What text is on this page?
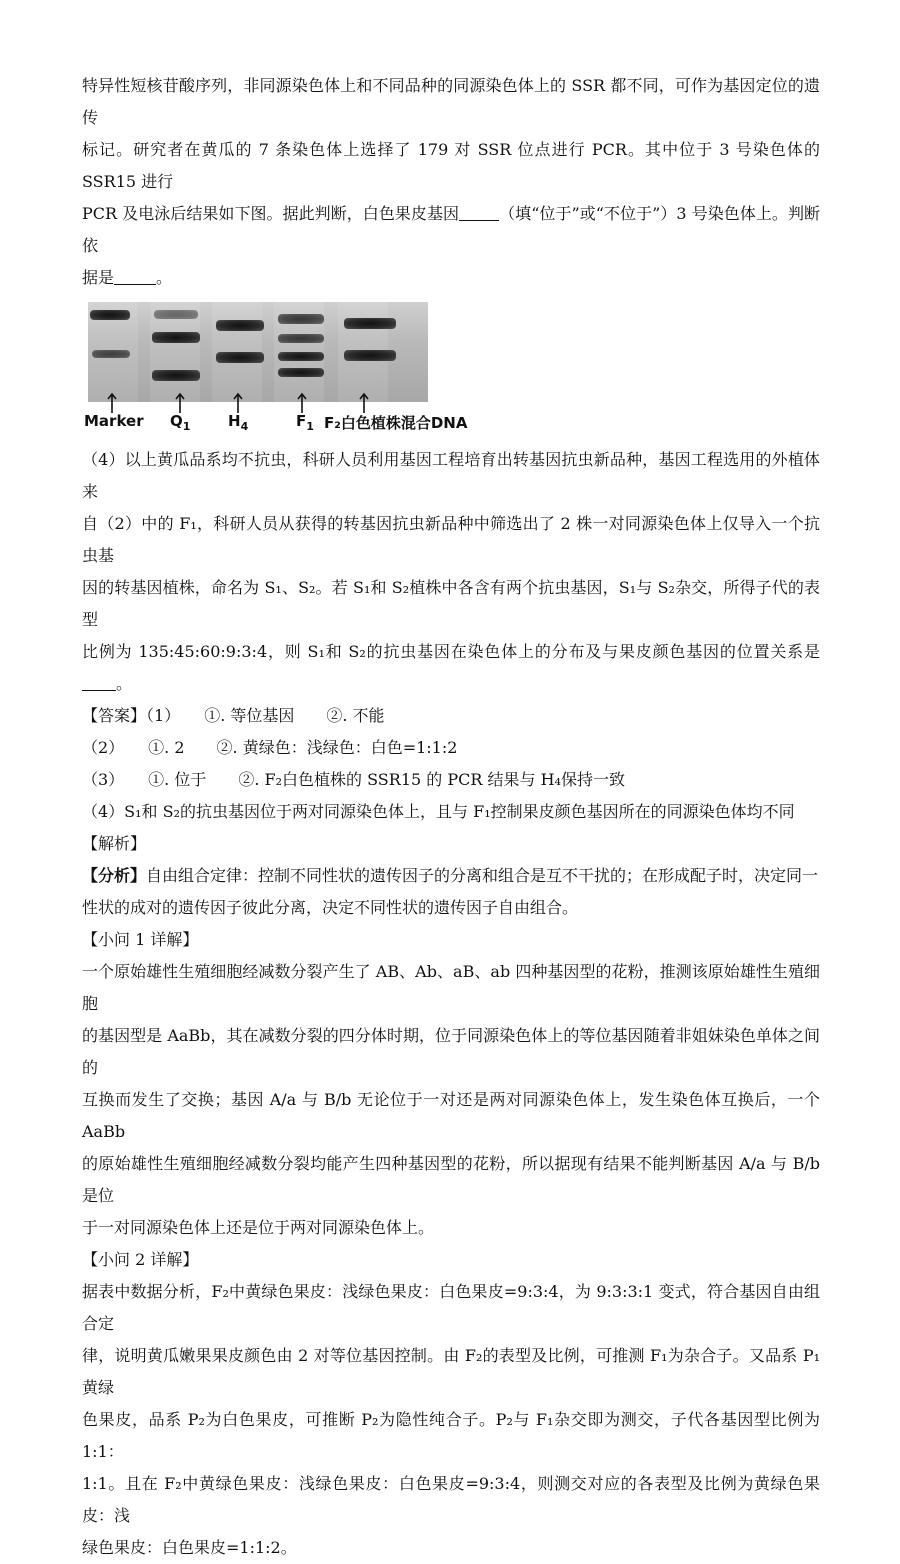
特异性短核苷酸序列，非同源染色体上和不同品种的同源染色体上的 SSR 都不同，可作为基因定位的遗传

标记。研究者在黄瓜的 7 条染色体上选择了 179 对 SSR 位点进行 PCR。其中位于 3 号染色体的 SSR15 进行

PCR 及电泳后结果如下图。据此判断，白色果皮基因	（填“位于”或“不位于”）3 号染色体上。判断依

据是	。

Marker $Q_1$	$H_4$	$F_1$ F₂白色植株混合DNA

（4）以上黄瓜品系均不抗虫，科研人员利用基因工程培育出转基因抗虫新品种，基因工程选用的外植体来

自（2）中的 F₁，科研人员从获得的转基因抗虫新品种中筛选出了 2 株一对同源染色体上仅导入一个抗虫基

因的转基因植株，命名为 S₁、S₂。若 S₁和 S₂植株中各含有两个抗虫基因，S₁与 S₂杂交，所得子代的表型

比例为 135:45:60:9:3:4，则 S₁和 S₂的抗虫基因在染色体上的分布及与果皮颜色基因的位置关系是。

【答案】（1）　　①. 等位基因　　②. 不能

（2）　　①. 2　　②. 黄绿色：浅绿色：白色=1:1:2

（3）　　①. 位于　　②. F₂白色植株的 SSR15 的 PCR 结果与 H₄保持一致

（4）S₁和 S₂的抗虫基因位于两对同源染色体上，且与 F₁控制果皮颜色基因所在的同源染色体均不同

【解析】

【分析】自由组合定律：控制不同性状的遗传因子的分离和组合是互不干扰的；在形成配子时，决定同一

性状的成对的遗传因子彼此分离，决定不同性状的遗传因子自由组合。

【小问 1 详解】

一个原始雄性生殖细胞经减数分裂产生了 AB、Ab、aB、ab 四种基因型的花粉，推测该原始雄性生殖细胞

的基因型是 AaBb，其在减数分裂的四分体时期，位于同源染色体上的等位基因随着非姐妹染色单体之间的

互换而发生了交换；基因 A/a 与 B/b 无论位于一对还是两对同源染色体上，发生染色体互换后，一个 AaBb

的原始雄性生殖细胞经减数分裂均能产生四种基因型的花粉，所以据现有结果不能判断基因 A/a 与 B/b 是位

于一对同源染色体上还是位于两对同源染色体上。

【小问 2 详解】

据表中数据分析，F₂中黄绿色果皮：浅绿色果皮：白色果皮=9:3:4，为 9:3:3:1 变式，符合基因自由组合定

律，说明黄瓜嫩果果皮颜色由 2 对等位基因控制。由 F₂的表型及比例，可推测 F₁为杂合子。又品系 P₁黄绿

色果皮，品系 P₂为白色果皮，可推断 P₂为隐性纯合子。P₂与 F₁杂交即为测交，子代各基因型比例为 1:1：

1:1。且在 F₂中黄绿色果皮：浅绿色果皮：白色果皮=9:3:4，则测交对应的各表型及比例为黄绿色果皮：浅

绿色果皮：白色果皮=1:1:2。
